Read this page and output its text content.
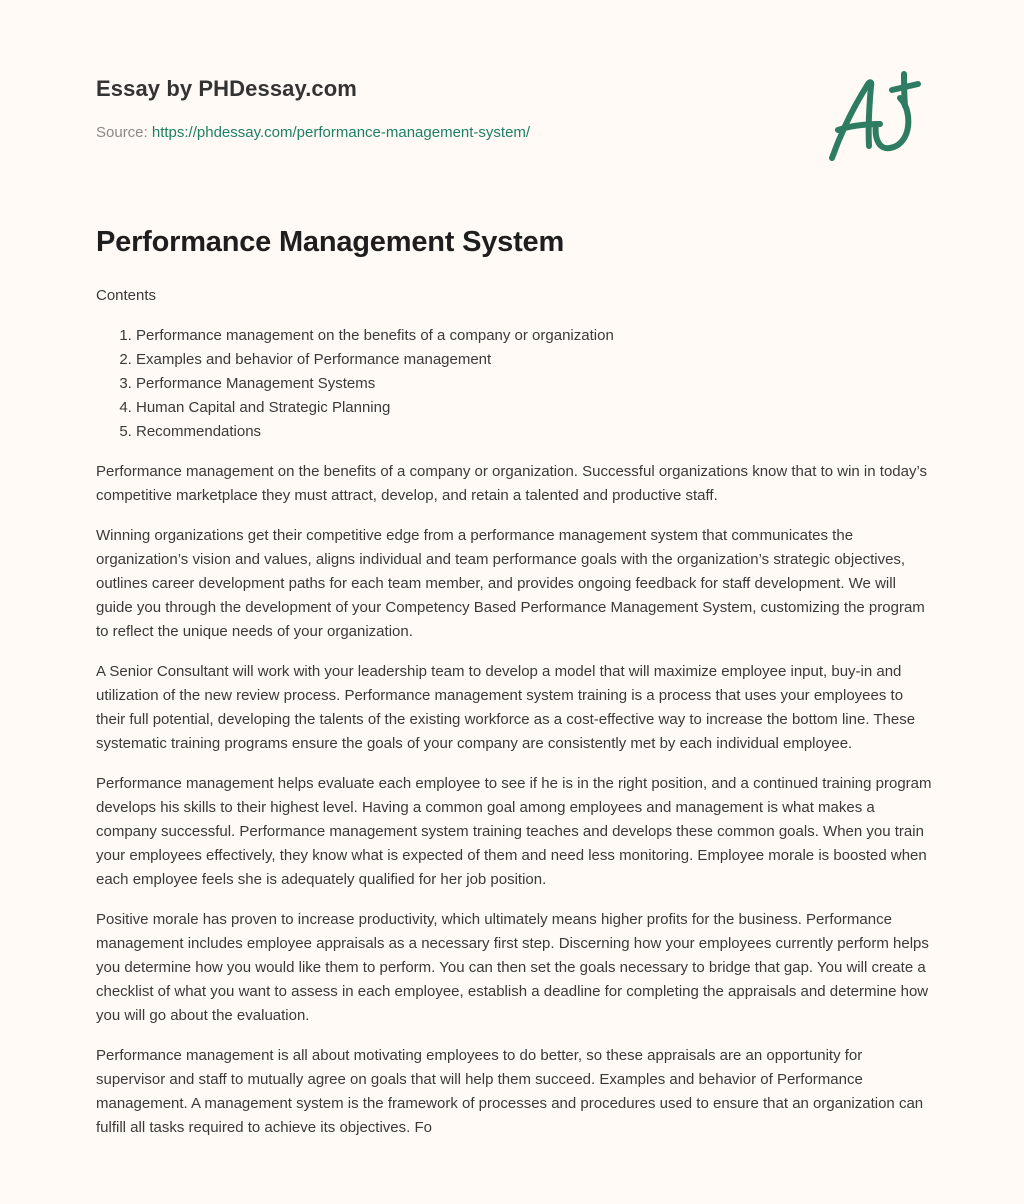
Essay by PHDessay.com
Source: https://phdessay.com/performance-management-system/
Performance Management System
Contents
1. Performance management on the benefits of a company or organization
2. Examples and behavior of Performance management
3. Performance Management Systems
4. Human Capital and Strategic Planning
5. Recommendations

Performance management on the benefits of a company or organization. Successful organizations know that to win in today’s competitive marketplace they must attract, develop, and retain a talented and productive staff.

Winning organizations get their competitive edge from a performance management system that communicates the organization’s vision and values, aligns individual and team performance goals with the organization’s strategic objectives, outlines career development paths for each team member, and provides ongoing feedback for staff development. We will guide you through the development of your Competency Based Performance Management System, customizing the program to reflect the unique needs of your organization.

A Senior Consultant will work with your leadership team to develop a model that will maximize employee input, buy-in and utilization of the new review process. Performance management system training is a process that uses your employees to their full potential, developing the talents of the existing workforce as a cost-effective way to increase the bottom line. These systematic training programs ensure the goals of your company are consistently met by each individual employee.

Performance management helps evaluate each employee to see if he is in the right position, and a continued training program develops his skills to their highest level. Having a common goal among employees and management is what makes a company successful. Performance management system training teaches and develops these common goals. When you train your employees effectively, they know what is expected of them and need less monitoring. Employee morale is boosted when each employee feels she is adequately qualified for her job position.

Positive morale has proven to increase productivity, which ultimately means higher profits for the business. Performance management includes employee appraisals as a necessary first step. Discerning how your employees currently perform helps you determine how you would like them to perform. You can then set the goals necessary to bridge that gap. You will create a checklist of what you want to assess in each employee, establish a deadline for completing the appraisals and determine how you will go about the evaluation.

Performance management is all about motivating employees to do better, so these appraisals are an opportunity for supervisor and staff to mutually agree on goals that will help them succeed. Examples and behavior of Performance management. A management system is the framework of processes and procedures used to ensure that an organization can fulfill all tasks required to achieve its objectives. Fo
